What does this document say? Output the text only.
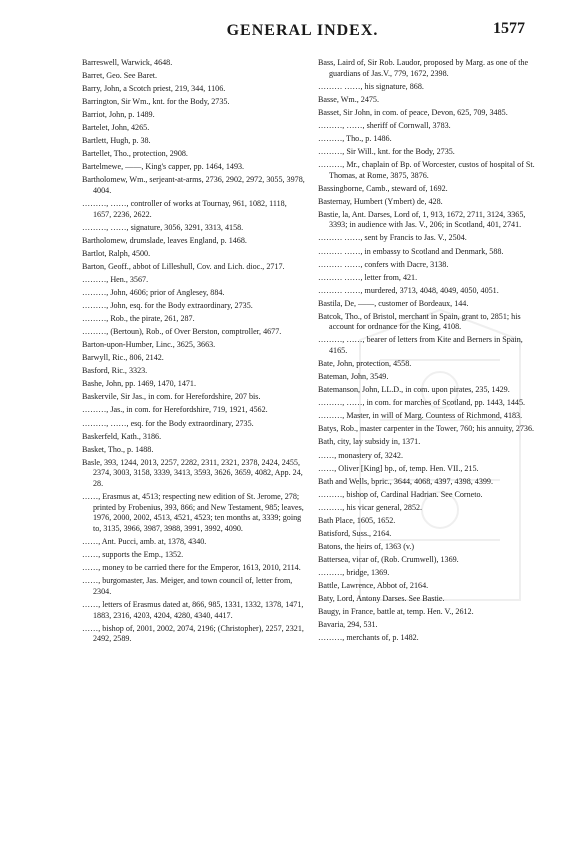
GENERAL INDEX.	1577
Barreswell, Warwick, 4648.
Barret, Geo. See Baret.
Barry, John, a Scotch priest, 219, 344, 1106.
Barrington, Sir Wm., knt. for the Body, 2735.
Barriot, John, p. 1489.
Bartelet, John, 4265.
Bartlett, Hugh, p. 38.
Bartellet, Tho., protection, 2908.
Bartelmewe, ——, King's capper, pp. 1464, 1493.
Bartholomew, Wm., serjeant-at-arms, 2736, 2902, 2972, 3055, 3978, 4004.
………, ……, controller of works at Tournay, 961, 1082, 1118, 1657, 2236, 2622.
………, ……, signature, 3056, 3291, 3313, 4158.
Bartholomew, drumslade, leaves England, p. 1468.
Bartlot, Ralph, 4500.
Barton, Geoff., abbot of Lilleshull, Cov. and Lich. dioc., 2717.
………, Hen., 3567.
………, John, 4606; prior of Anglesey, 884.
………, John, esq. for the Body extraordinary, 2735.
………, Rob., the pirate, 261, 287.
………, (Bertoun), Rob., of Over Berston, comptroller, 4677.
Barton-upon-Humber, Linc., 3625, 3663.
Barwyll, Ric., 806, 2142.
Basford, Ric., 3323.
Bashe, John, pp. 1469, 1470, 1471.
Baskervile, Sir Jas., in com. for Herefordshire, 207 bis.
………, Jas., in com. for Herefordshire, 719, 1921, 4562.
………, ……, esq. for the Body extraordinary, 2735.
Baskerfeld, Kath., 3186.
Basket, Tho., p. 1488.
Basle, 393, 1244, 2013, 2257, 2282, 2311, 2321, 2378, 2424, 2455, 2374, 3003, 3158, 3339, 3413, 3593, 3626, 3659, 4082, App. 24, 28.
……, Erasmus at, 4513; respecting new edition of St. Jerome, 278; printed by Frobenius, 393, 866; and New Testament, 985; leaves, 1976, 2000, 2002, 4513, 4521, 4523; ten months at, 3339; going to, 3135, 3966, 3987, 3988, 3991, 3992, 4090.
……, Ant. Pucci, amb. at, 1378, 4340.
……, supports the Emp., 1352.
……, money to be carried there for the Emperor, 1613, 2010, 2114.
……, burgomaster, Jas. Meiger, and town council of, letter from, 2304.
……, letters of Erasmus dated at, 866, 985, 1331, 1332, 1378, 1471, 1883, 2316, 4203, 4204, 4280, 4340, 4417.
……, bishop of, 2001, 2002, 2074, 2196; (Christopher), 2257, 2321, 2492, 2589.
Bass, Laird of, Sir Rob. Laudor, proposed by Marg. as one of the guardians of Jas.V., 779, 1672, 2398.
……… ……, his signature, 868.
Basse, Wm., 2475.
Basset, Sir John, in com. of peace, Devon, 625, 709, 3485.
………, ……, sheriff of Cornwall, 3783.
………, Tho., p. 1486.
………, Sir Will., knt. for the Body, 2735.
………, Mr., chaplain of Bp. of Worcester, custos of hospital of St. Thomas, at Rome, 3875, 3876.
Bassingborne, Camb., steward of, 1692.
Basternay, Humbert (Ymbert) de, 428.
Bastie, la, Ant. Darses, Lord of, 1, 913, 1672, 2711, 3124, 3365, 3393; in audience with Jas. V., 206; in Scotland, 401, 2741.
……… ……, sent by Francis to Jas. V., 2504.
……… ……, in embassy to Scotland and Denmark, 588.
……… ……, confers with Dacre, 3138.
……… ……, letter from, 421.
……… ……, murdered, 3713, 4048, 4049, 4050, 4051.
Bastila, De, ——, customer of Bordeaux, 144.
Batcok, Tho., of Bristol, merchant in Spain, grant to, 2851; his account for ordnance for the King, 4108.
………, ……, bearer of letters from Kite and Berners in Spain, 4165.
Bate, John, protection, 4558.
Bateman, John, 3549.
Batemanson, John, LL.D., in com. upon pirates, 235, 1429.
………, ……, in com. for marches of Scotland, pp. 1443, 1445.
………, Master, in will of Marg. Countess of Richmond, 4183.
Batys, Rob., master carpenter in the Tower, 760; his annuity, 2736.
Bath, city, lay subsidy in, 1371.
……, monastery of, 3242.
……, Oliver [King] bp., of, temp. Hen. VII., 215.
Bath and Wells, bpric., 3644, 4068, 4397, 4398, 4399.
………, bishop of, Cardinal Hadrian. See Corneto.
………, his vicar general, 2852.
Bath Place, 1605, 1652.
Batisford, Suss., 2164.
Batons, the heirs of, 1363 (v.)
Battersea, vicar of, (Rob. Crumwell), 1369.
………, bridge, 1369.
Battle, Lawrence, Abbot of, 2164.
Baty, Lord, Antony Darses. See Bastie.
Baugy, in France, battle at, temp. Hen. V., 2612.
Bavaria, 294, 531.
………, merchants of, p. 1482.
